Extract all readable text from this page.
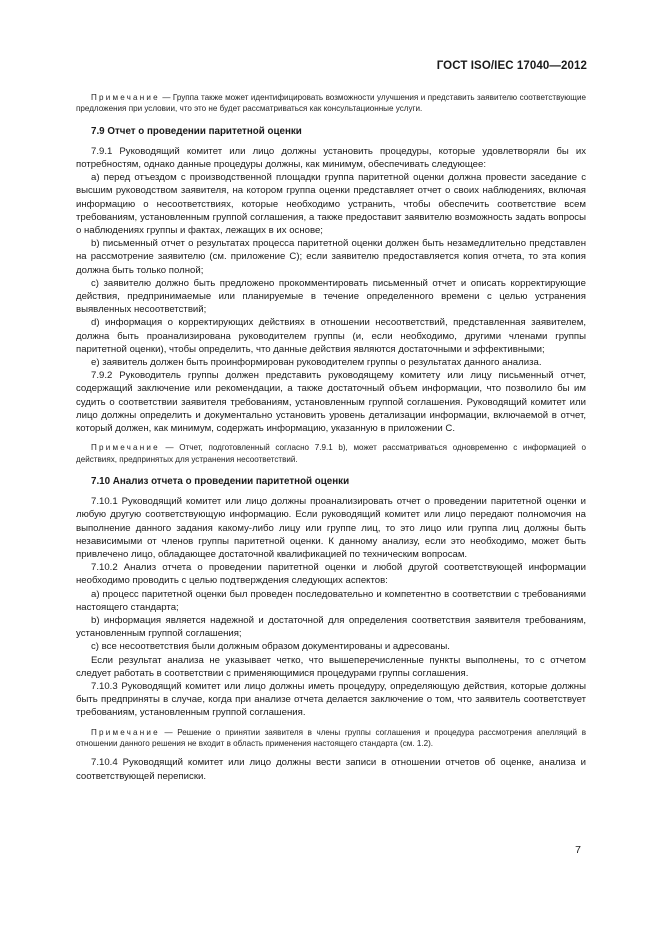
ГОСТ ISO/IEC 17040—2012

Примечание — Группа также может идентифицировать возможности улучшения и представить заявителю соответствующие предложения при условии, что это не будет рассматриваться как консультационные услуги.

7.9 Отчет о проведении паритетной оценки

7.9.1 Руководящий комитет или лицо должны установить процедуры, которые удовлетворяли бы их потребностям, однако данные процедуры должны, как минимум, обеспечивать следующее:

а) перед отъездом с производственной площадки группа паритетной оценки должна провести заседание с высшим руководством заявителя, на котором группа оценки представляет отчет о своих наблюдениях, включая информацию о несоответствиях, которые необходимо устранить, чтобы обеспечить соответствие всем требованиям, установленным группой соглашения, а также предоставит заявителю возможность задать вопросы о наблюдениях группы и фактах, лежащих в их основе;

b) письменный отчет о результатах процесса паритетной оценки должен быть незамедлительно представлен на рассмотрение заявителю (см. приложение С); если заявителю предоставляется копия отчета, то эта копия должна быть только полной;

с) заявителю должно быть предложено прокомментировать письменный отчет и описать корректирующие действия, предпринимаемые или планируемые в течение определенного времени с целью устранения выявленных несоответствий;

d) информация о корректирующих действиях в отношении несоответствий, представленная заявителем, должна быть проанализирована руководителем группы (и, если необходимо, другими членами группы паритетной оценки), чтобы определить, что данные действия являются достаточными и эффективными;

е) заявитель должен быть проинформирован руководителем группы о результатах данного анализа.

7.9.2 Руководитель группы должен представить руководящему комитету или лицу письменный отчет, содержащий заключение или рекомендации, а также достаточный объем информации, что позволило бы им судить о соответствии заявителя требованиям, установленным группой соглашения. Руководящий комитет или лицо должны определить и документально установить уровень детализации информации, включаемой в отчет, который должен, как минимум, содержать информацию, указанную в приложении С.

Примечание — Отчет, подготовленный согласно 7.9.1 b), может рассматриваться одновременно с информацией о действиях, предпринятых для устранения несоответствий.

7.10 Анализ отчета о проведении паритетной оценки

7.10.1 Руководящий комитет или лицо должны проанализировать отчет о проведении паритетной оценки и любую другую соответствующую информацию. Если руководящий комитет или лицо передают полномочия на выполнение данного задания какому-либо лицу или группе лиц, то это лицо или группа лиц должны быть независимыми от членов группы паритетной оценки. К данному анализу, если это необходимо, может быть привлечено лицо, обладающее достаточной квалификацией по техническим вопросам.

7.10.2 Анализ отчета о проведении паритетной оценки и любой другой соответствующей информации необходимо проводить с целью подтверждения следующих аспектов:

а) процесс паритетной оценки был проведен последовательно и компетентно в соответствии с требованиями настоящего стандарта;

b) информация является надежной и достаточной для определения соответствия заявителя требованиям, установленным группой соглашения;

с) все несоответствия были должным образом документированы и адресованы.

Если результат анализа не указывает четко, что вышеперечисленные пункты выполнены, то с отчетом следует работать в соответствии с применяющимися процедурами группы соглашения.

7.10.3 Руководящий комитет или лицо должны иметь процедуру, определяющую действия, которые должны быть предприняты в случае, когда при анализе отчета делается заключение о том, что заявитель соответствует требованиям, установленным группой соглашения.

Примечание — Решение о принятии заявителя в члены группы соглашения и процедура рассмотрения апелляций в отношении данного решения не входит в область применения настоящего стандарта (см. 1.2).

7.10.4 Руководящий комитет или лицо должны вести записи в отношении отчетов об оценке, анализа и соответствующей переписки.

7
